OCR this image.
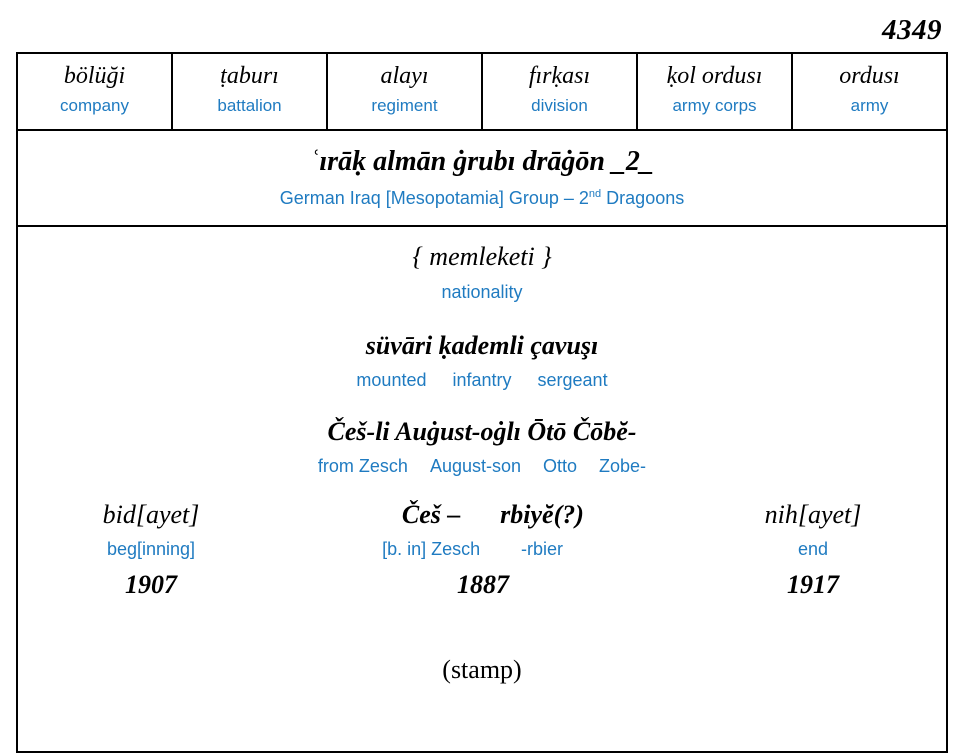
4349
bölüği
company
ṭaburı
battalion
alayı
regiment
fırḳası
division
ḳol ordusı
army corps
ordusı
army
ʿırāḳ almān ġrubı drāġōn _2_
German Iraq [Mesopotamia] Group – 2nd Dragoons
{ memleketi }
nationality
süvāri ḳademli çavuşı
mounted infantry sergeant
Češ-li Auġust-oġlı Ōtō Čōbĕ-
from Zesch August-son Otto Zobe-
bid[ayet]
beg[inning]
1907
Češ –
[b. in] Zesch
rbiyĕ(?)
-rbier
1887
nih[ayet]
end
1917
(stamp)
